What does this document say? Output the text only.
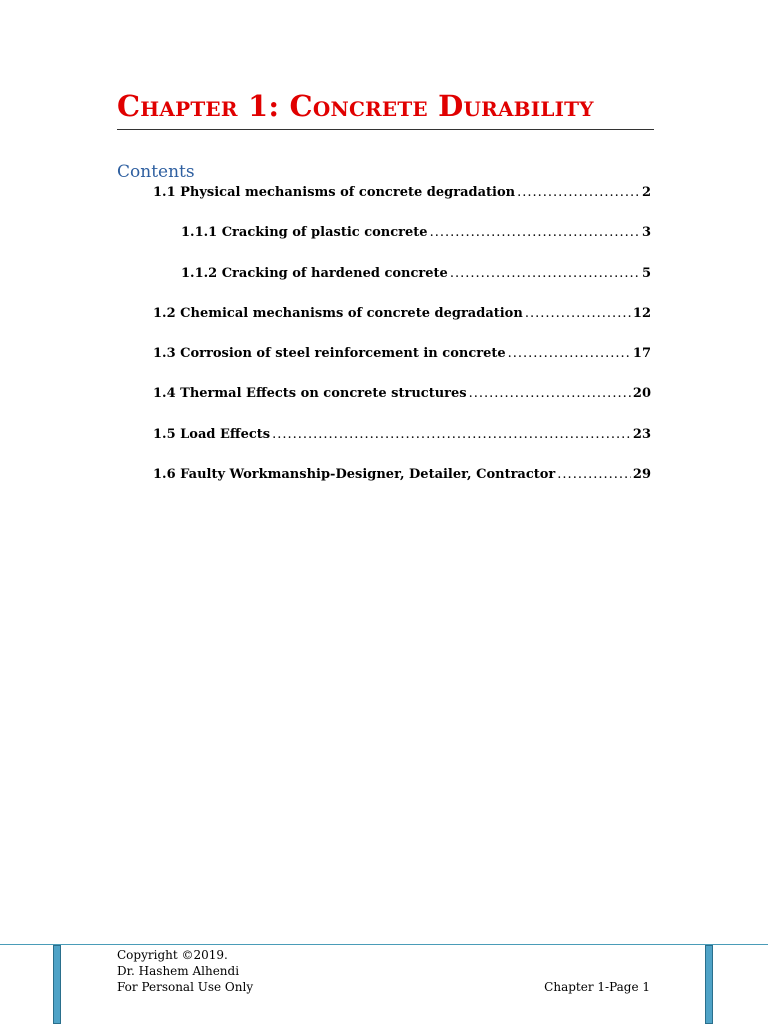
Chapter 1: Concrete Durability
Contents
1.1 Physical mechanisms of concrete degradation .....	2
1.1.1 Cracking of plastic concrete .....	3
1.1.2 Cracking of hardened concrete .....	5
1.2 Chemical mechanisms of concrete degradation .....	12
1.3 Corrosion of steel reinforcement in concrete .....	17
1.4 Thermal Effects on concrete structures .....	20
1.5 Load Effects .....	23
1.6 Faulty Workmanship-Designer, Detailer, Contractor .....	29
Copyright ©2019.
Dr. Hashem Alhendi
For Personal Use Only	Chapter 1-Page 1
